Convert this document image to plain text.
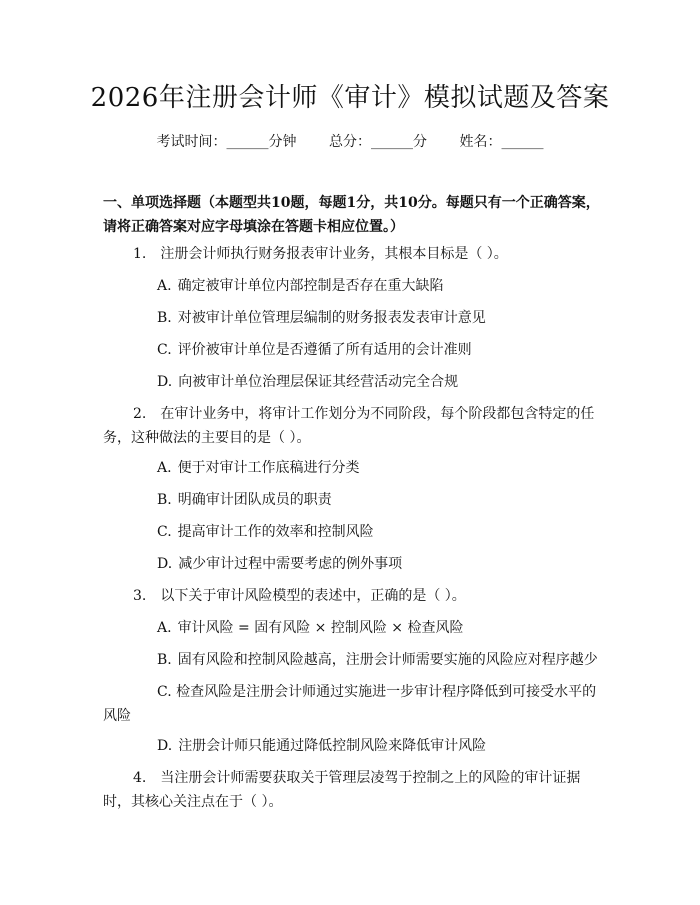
2026年注册会计师《审计》模拟试题及答案
考试时间：______分钟 总分：______分 姓名：______
一、单项选择题（本题型共10题，每题1分，共10分。每题只有一个正确答案，请将正确答案对应字母填涂在答题卡相应位置。）
1. 注册会计师执行财务报表审计业务，其根本目标是（ ）。
A. 确定被审计单位内部控制是否存在重大缺陷
B. 对被审计单位管理层编制的财务报表发表审计意见
C. 评价被审计单位是否遵循了所有适用的会计准则
D. 向被审计单位治理层保证其经营活动完全合规
2. 在审计业务中，将审计工作划分为不同阶段，每个阶段都包含特定的任务，这种做法的主要目的是（ ）。
A. 便于对审计工作底稿进行分类
B. 明确审计团队成员的职责
C. 提高审计工作的效率和控制风险
D. 减少审计过程中需要考虑的例外事项
3. 以下关于审计风险模型的表述中，正确的是（ ）。
A. 审计风险 = 固有风险 × 控制风险 × 检查风险
B. 固有风险和控制风险越高，注册会计师需要实施的风险应对程序越少
C. 检查风险是注册会计师通过实施进一步审计程序降低到可接受水平的风险
D. 注册会计师只能通过降低控制风险来降低审计风险
4. 当注册会计师需要获取关于管理层凌驾于控制之上的风险的审计证据时，其核心关注点在于（ ）。
